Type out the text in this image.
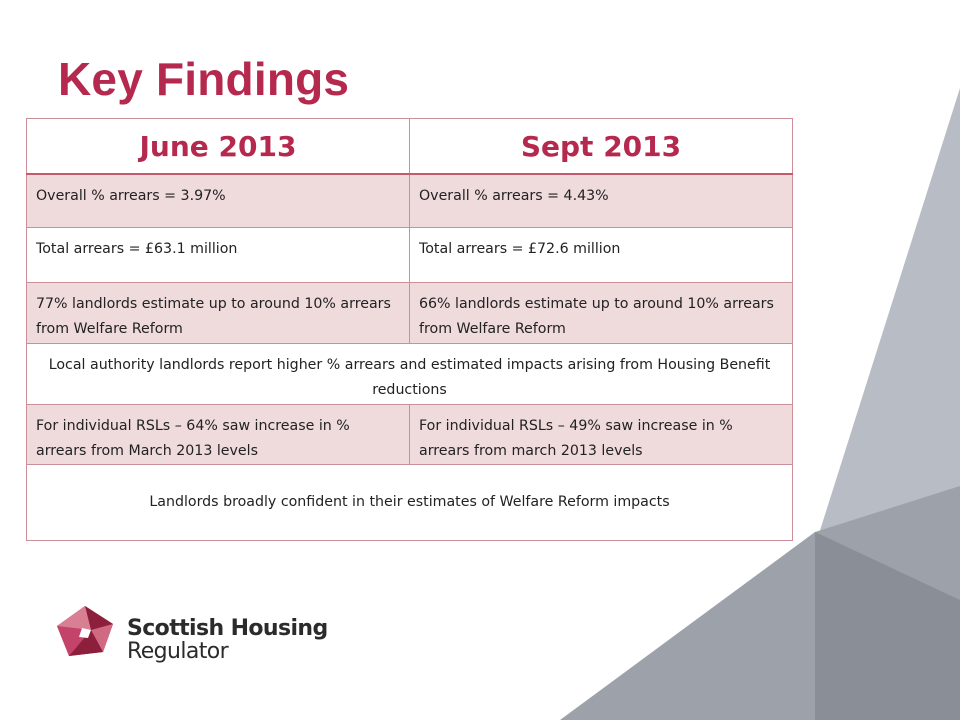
Key Findings
June 2013	Sept 2013
Overall % arrears = 3.97%	Overall % arrears = 4.43%
Total arrears = £63.1 million	Total arrears = £72.6 million
77% landlords estimate up to around 10% arrears from Welfare Reform	66% landlords estimate up to around 10% arrears from Welfare Reform
Local authority landlords report higher % arrears and estimated impacts arising from Housing Benefit reductions	
For individual RSLs – 64% saw increase in % arrears from March 2013 levels	For individual RSLs – 49% saw increase in % arrears from march 2013 levels
Landlords broadly confident in their estimates of Welfare Reform impacts	
Scottish Housing
Regulator
